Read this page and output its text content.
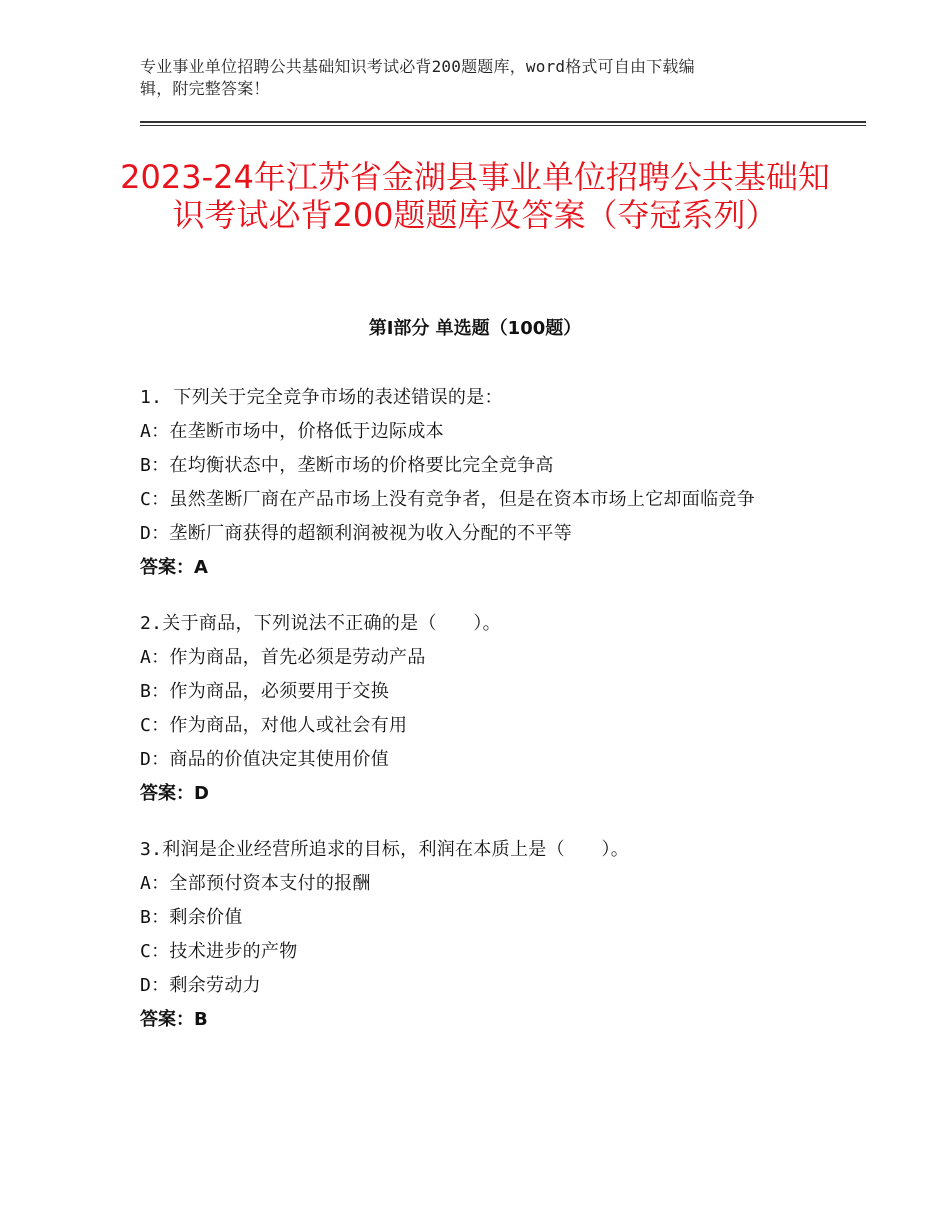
专业事业单位招聘公共基础知识考试必背200题题库，word格式可自由下载编
辑，附完整答案！
2023-24年江苏省金湖县事业单位招聘公共基础知识考试必背200题题库及答案（夺冠系列）
第Ⅰ部分 单选题（100题）
1. 下列关于完全竞争市场的表述错误的是：
A：在垄断市场中，价格低于边际成本
B：在均衡状态中，垄断市场的价格要比完全竞争高
C：虽然垄断厂商在产品市场上没有竞争者，但是在资本市场上它却面临竞争
D：垄断厂商获得的超额利润被视为收入分配的不平等
答案：A
2.关于商品，下列说法不正确的是（　　）。
A：作为商品，首先必须是劳动产品
B：作为商品，必须要用于交换
C：作为商品，对他人或社会有用
D：商品的价值决定其使用价值
答案：D
3.利润是企业经营所追求的目标，利润在本质上是（　　）。
A：全部预付资本支付的报酬
B：剩余价值
C：技术进步的产物
D：剩余劳动力
答案：B
